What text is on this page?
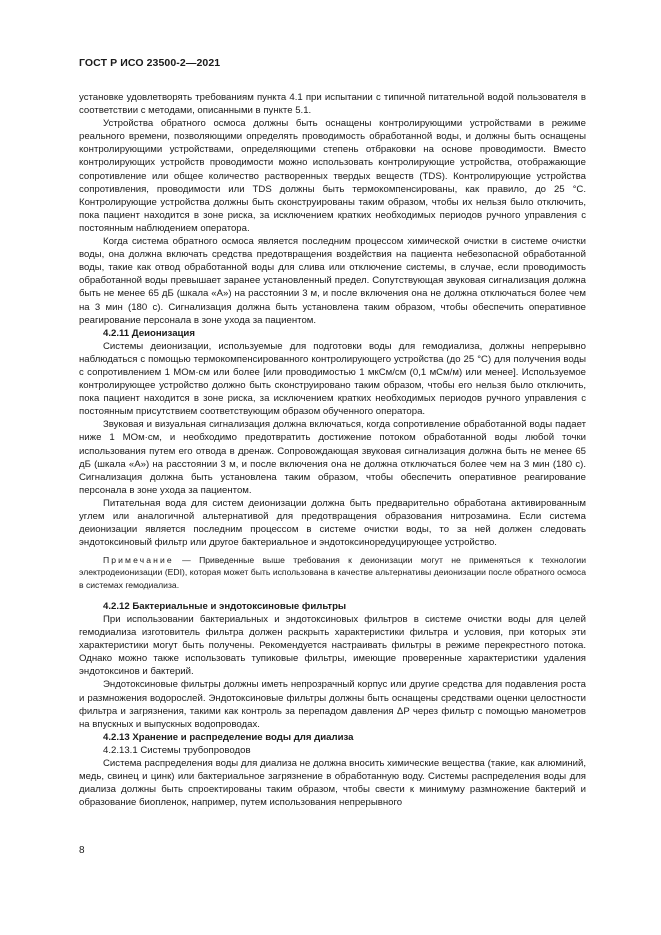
ГОСТ Р ИСО 23500-2—2021

установке удовлетворять требованиям пункта 4.1 при испытании с типичной питательной водой пользователя в соответствии с методами, описанными в пункте 5.1.

Устройства обратного осмоса должны быть оснащены контролирующими устройствами в режиме реального времени, позволяющими определять проводимость обработанной воды, и должны быть оснащены контролирующими устройствами, определяющими степень отбраковки на основе проводимости. Вместо контролирующих устройств проводимости можно использовать контролирующие устройства, отображающие сопротивление или общее количество растворенных твердых веществ (TDS). Контролирующие устройства сопротивления, проводимости или TDS должны быть термокомпенсированы, как правило, до 25 °C. Контролирующие устройства должны быть сконструированы таким образом, чтобы их нельзя было отключить, пока пациент находится в зоне риска, за исключением кратких необходимых периодов ручного управления с постоянным наблюдением оператора.

Когда система обратного осмоса является последним процессом химической очистки в системе очистки воды, она должна включать средства предотвращения воздействия на пациента небезопасной обработанной воды, такие как отвод обработанной воды для слива или отключение системы, в случае, если проводимость обработанной воды превышает заранее установленный предел. Сопутствующая звуковая сигнализация должна быть не менее 65 дБ (шкала «A») на расстоянии 3 м, и после включения она не должна отключаться более чем на 3 мин (180 с). Сигнализация должна быть установлена таким образом, чтобы обеспечить оперативное реагирование персонала в зоне ухода за пациентом.

4.2.11 Деионизация

Системы деионизации, используемые для подготовки воды для гемодиализа, должны непрерывно наблюдаться с помощью термокомпенсированного контролирующего устройства (до 25 °C) для получения воды с сопротивлением 1 МОм·см или более [или проводимостью 1 мкСм/см (0,1 мСм/м) или менее]. Используемое контролирующее устройство должно быть сконструировано таким образом, чтобы его нельзя было отключить, пока пациент находится в зоне риска, за исключением кратких необходимых периодов ручного управления с постоянным присутствием соответствующим образом обученного оператора.

Звуковая и визуальная сигнализация должна включаться, когда сопротивление обработанной воды падает ниже 1 МОм·см, и необходимо предотвратить достижение потоком обработанной воды любой точки использования путем его отвода в дренаж. Сопровождающая звуковая сигнализация должна быть не менее 65 дБ (шкала «A») на расстоянии 3 м, и после включения она не должна отключаться более чем на 3 мин (180 с). Сигнализация должна быть установлена таким образом, чтобы обеспечить оперативное реагирование персонала в зоне ухода за пациентом.

Питательная вода для систем деионизации должна быть предварительно обработана активированным углем или аналогичной альтернативой для предотвращения образования нитрозамина. Если система деионизации является последним процессом в системе очистки воды, то за ней должен следовать эндотоксиновый фильтр или другое бактериальное и эндотоксиноредуцирующее устройство.

Примечание — Приведенные выше требования к деионизации могут не применяться к технологии электродеионизации (EDI), которая может быть использована в качестве альтернативы деионизации после обратного осмоса в системах гемодиализа.

4.2.12 Бактериальные и эндотоксиновые фильтры

При использовании бактериальных и эндотоксиновых фильтров в системе очистки воды для целей гемодиализа изготовитель фильтра должен раскрыть характеристики фильтра и условия, при которых эти характеристики могут быть получены. Рекомендуется настраивать фильтры в режиме перекрестного потока. Однако можно также использовать тупиковые фильтры, имеющие проверенные характеристики удаления эндотоксинов и бактерий.

Эндотоксиновые фильтры должны иметь непрозрачный корпус или другие средства для подавления роста и размножения водорослей. Эндотоксиновые фильтры должны быть оснащены средствами оценки целостности фильтра и загрязнения, такими как контроль за перепадом давления ΔP через фильтр с помощью манометров на впускных и выпускных водопроводах.

4.2.13 Хранение и распределение воды для диализа
4.2.13.1 Системы трубопроводов

Система распределения воды для диализа не должна вносить химические вещества (такие, как алюминий, медь, свинец и цинк) или бактериальное загрязнение в обработанную воду. Системы распределения воды для диализа должны быть спроектированы таким образом, чтобы свести к минимуму размножение бактерий и образование биопленок, например, путем использования непрерывного

8
